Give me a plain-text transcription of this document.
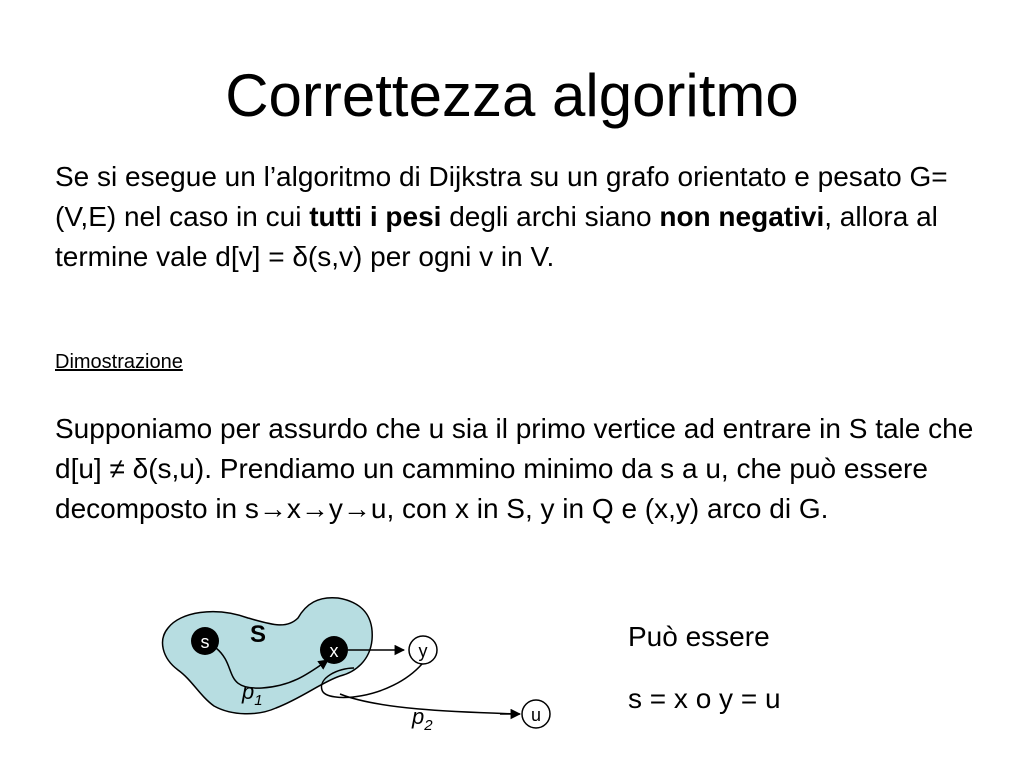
Correttezza algoritmo
Se si esegue un l’algoritmo di Dijkstra su un grafo orientato e pesato G=(V,E) nel caso in cui tutti i pesi degli archi siano non negativi, allora al termine vale d[v] = δ(s,v) per ogni v in V.
Dimostrazione
Supponiamo per assurdo che u sia il primo vertice ad entrare in S tale che d[u] ≠ δ(s,u). Prendiamo un cammino minimo da s a u, che può essere decomposto in s→x→y→u, con x in S, y in Q e (x,y) arco di G.
S
s	x	y
u
$p_1$
$p_2$
Può essere
s = x o y = u
